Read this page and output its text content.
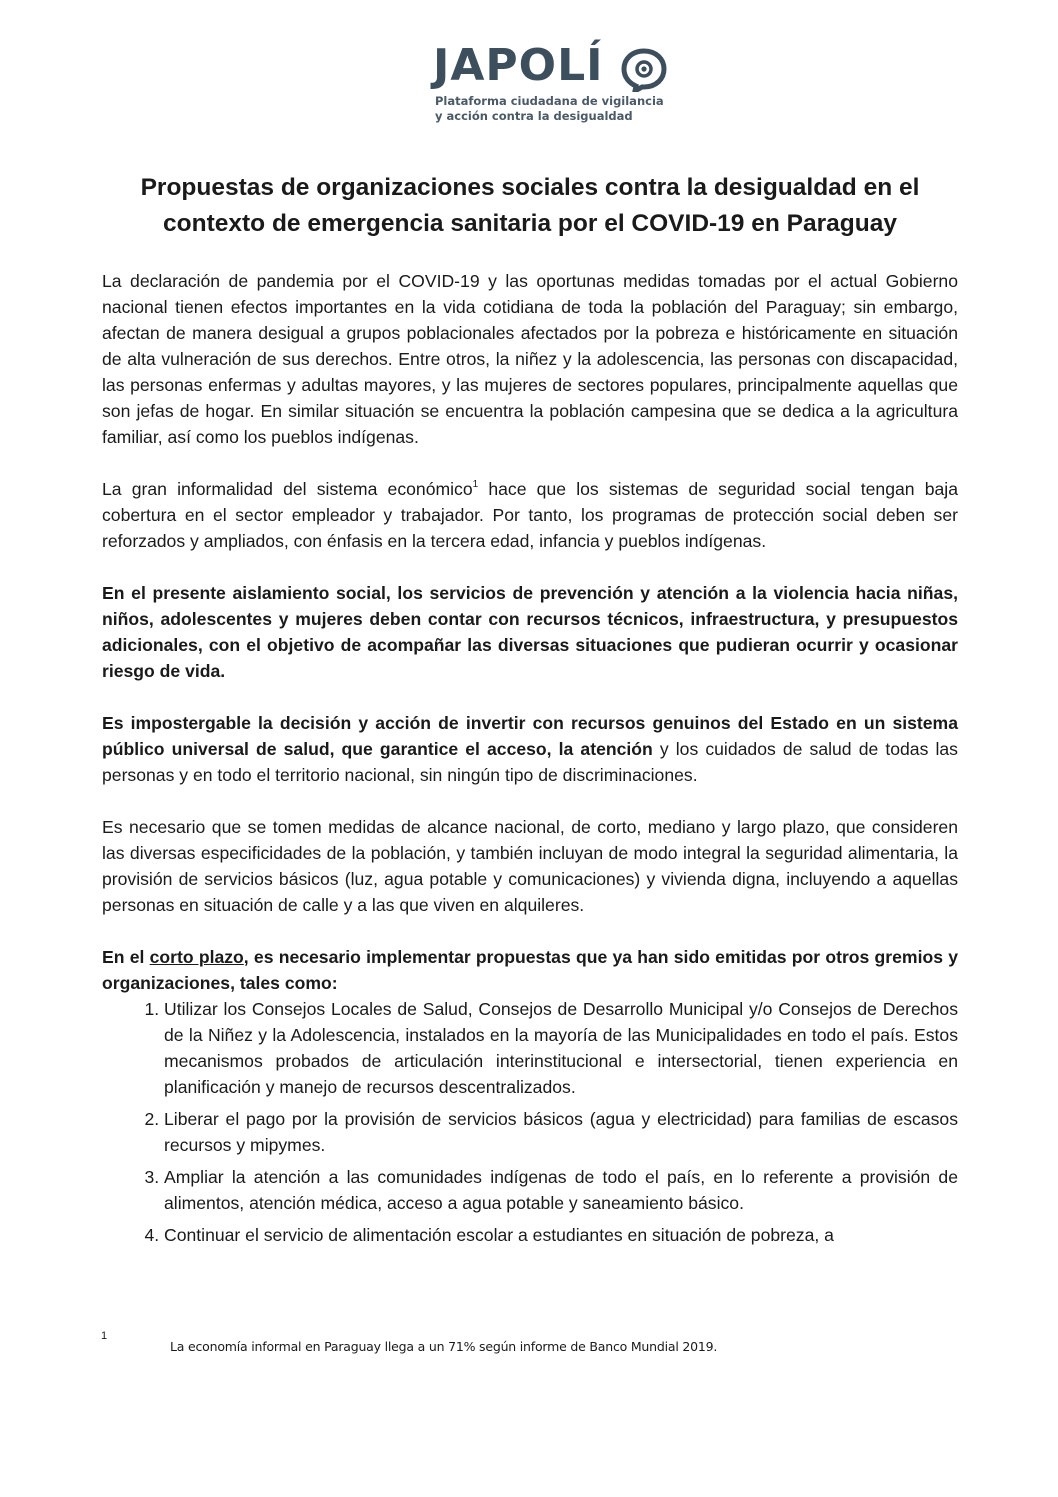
JAPOLÍ
Plataforma ciudadana de vigilancia
y acción contra la desigualdad
Propuestas de organizaciones sociales contra la desigualdad en el contexto de emergencia sanitaria por el COVID-19 en Paraguay

La declaración de pandemia por el COVID-19 y las oportunas medidas tomadas por el actual Gobierno nacional tienen efectos importantes en la vida cotidiana de toda la población del Paraguay; sin embargo, afectan de manera desigual a grupos poblacionales afectados por la pobreza e históricamente en situación de alta vulneración de sus derechos. Entre otros, la niñez y la adolescencia, las personas con discapacidad, las personas enfermas y adultas mayores, y las mujeres de sectores populares, principalmente aquellas que son jefas de hogar. En similar situación se encuentra la población campesina que se dedica a la agricultura familiar, así como los pueblos indígenas.

La gran informalidad del sistema económico$^1$ hace que los sistemas de seguridad social tengan baja cobertura en el sector empleador y trabajador. Por tanto, los programas de protección social deben ser reforzados y ampliados, con énfasis en la tercera edad, infancia y pueblos indígenas.

En el presente aislamiento social, los servicios de prevención y atención a la violencia hacia niñas, niños, adolescentes y mujeres deben contar con recursos técnicos, infraestructura, y presupuestos adicionales, con el objetivo de acompañar las diversas situaciones que pudieran ocurrir y ocasionar riesgo de vida.

Es impostergable la decisión y acción de invertir con recursos genuinos del Estado en un sistema público universal de salud, que garantice el acceso, la atención y los cuidados de salud de todas las personas y en todo el territorio nacional, sin ningún tipo de discriminaciones.

Es necesario que se tomen medidas de alcance nacional, de corto, mediano y largo plazo, que consideren las diversas especificidades de la población, y también incluyan de modo integral la seguridad alimentaria, la provisión de servicios básicos (luz, agua potable y comunicaciones) y vivienda digna, incluyendo a aquellas personas en situación de calle y a las que viven en alquileres.

En el corto plazo, es necesario implementar propuestas que ya han sido emitidas por otros gremios y organizaciones, tales como:

1. Utilizar los Consejos Locales de Salud, Consejos de Desarrollo Municipal y/o Consejos de Derechos de la Niñez y la Adolescencia, instalados en la mayoría de las Municipalidades en todo el país. Estos mecanismos probados de articulación interinstitucional e intersectorial, tienen experiencia en planificación y manejo de recursos descentralizados.
2. Liberar el pago por la provisión de servicios básicos (agua y electricidad) para familias de escasos recursos y mipymes.
3. Ampliar la atención a las comunidades indígenas de todo el país, en lo referente a provisión de alimentos, atención médica, acceso a agua potable y saneamiento básico.
4. Continuar el servicio de alimentación escolar a estudiantes en situación de pobreza, a
1
La economía informal en Paraguay llega a un 71% según informe de Banco Mundial 2019.
